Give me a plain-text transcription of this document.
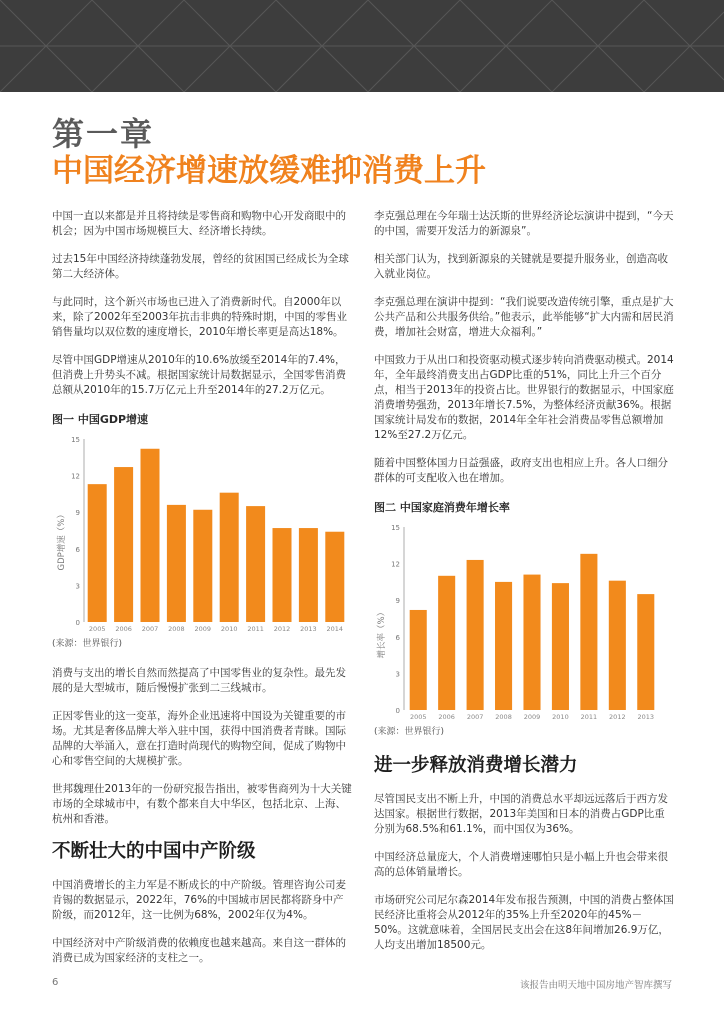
第一章
中国经济增速放缓难抑消费上升

中国一直以来都是并且将持续是零售商和购物中心开发商眼中的机会；因为中国市场规模巨大、经济增长持续。

过去15年中国经济持续蓬勃发展，曾经的贫困国已经成长为全球第二大经济体。

与此同时，这个新兴市场也已进入了消费新时代。自2000年以来，除了2002年至2003年抗击非典的特殊时期，中国的零售业销售量均以双位数的速度增长，2010年增长率更是高达18%。

尽管中国GDP增速从2010年的10.6%放缓至2014年的7.4%，但消费上升势头不减。根据国家统计局数据显示，全国零售消费总额从2010年的15.7万亿元上升至2014年的27.2万亿元。

图一 中国GDP增速
0
3
6
9
12
15
GDP增速（%）
2005 2006 2007 2008 2009 2010 2011 2012 2013 2014
(来源：世界银行)

消费与支出的增长自然而然提高了中国零售业的复杂性。最先发展的是大型城市，随后慢慢扩张到二三线城市。

正因零售业的这一变革，海外企业迅速将中国设为关键重要的市场。尤其是奢侈品牌大举入驻中国，获得中国消费者青睐。国际品牌的大举涌入，意在打造时尚现代的购物空间，促成了购物中心和零售空间的大规模扩张。

世邦魏理仕2013年的一份研究报告指出，被零售商列为十大关键市场的全球城市中，有数个都来自大中华区，包括北京、上海、杭州和香港。

不断壮大的中国中产阶级

中国消费增长的主力军是不断成长的中产阶级。管理咨询公司麦肯锡的数据显示，2022年，76%的中国城市居民都将跻身中产阶级，而2012年，这一比例为68%，2002年仅为4%。

中国经济对中产阶级消费的依赖度也越来越高。来自这一群体的消费已成为国家经济的支柱之一。

李克强总理在今年瑞士达沃斯的世界经济论坛演讲中提到，“今天的中国，需要开发活力的新源泉”。

相关部门认为，找到新源泉的关键就是要提升服务业，创造高收入就业岗位。

李克强总理在演讲中提到：“我们说要改造传统引擎，重点是扩大公共产品和公共服务供给。”他表示，此举能够“扩大内需和居民消费，增加社会财富，增进大众福利。”

中国致力于从出口和投资驱动模式逐步转向消费驱动模式。2014年，全年最终消费支出占GDP比重的51%，同比上升三个百分点，相当于2013年的投资占比。世界银行的数据显示，中国家庭消费增势强劲，2013年增长7.5%，为整体经济贡献36%。根据国家统计局发布的数据，2014年全年社会消费品零售总额增加12%至27.2万亿元。

随着中国整体国力日益强盛，政府支出也相应上升。各人口细分群体的可支配收入也在增加。

图二 中国家庭消费年增长率
0
3
6
9
12
15
增长率（%）
2005 2006 2007 2008 2009 2010 2011 2012 2013
(来源：世界银行)
进一步释放消费增长潜力

尽管国民支出不断上升，中国的消费总水平却远远落后于西方发达国家。根据世行数据，2013年美国和日本的消费占GDP比重分别为68.5%和61.1%，而中国仅为36%。

中国经济总量庞大，个人消费增速哪怕只是小幅上升也会带来很高的总体销量增长。

市场研究公司尼尔森2014年发布报告预测，中国的消费占整体国民经济比重将会从2012年的35%上升至2020年的45%－50%。这就意味着，全国居民支出会在这8年间增加26.9万亿，人均支出增加18500元。

6	该报告由明天地中国房地产智库撰写
